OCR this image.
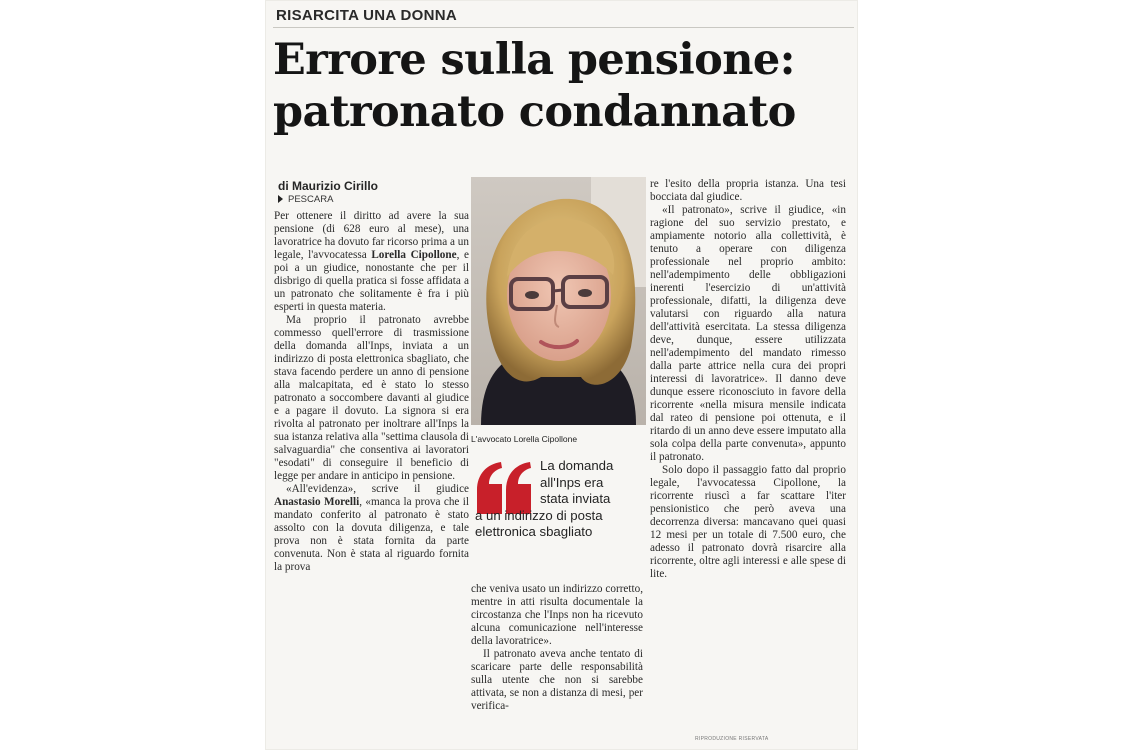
RISARCITA UNA DONNA
Errore sulla pensione:
patronato condannato
di Maurizio Cirillo
PESCARA

Per ottenere il diritto ad avere la sua pensione (di 628 euro al mese), una lavoratrice ha dovuto far ricorso prima a un legale, l'avvocatessa Lorella Cipollone, e poi a un giudice, nonostante che per il disbrigo di quella pratica si fosse affidata a un patronato che solitamente è fra i più esperti in questa materia.

Ma proprio il patronato avrebbe commesso quell'errore di trasmissione della domanda all'Inps, inviata a un indirizzo di posta elettronica sbagliato, che stava facendo perdere un anno di pensione alla malcapitata, ed è stato lo stesso patronato a soccombere davanti al giudice e a pagare il dovuto. La signora si era rivolta al patronato per inoltrare all'Inps la sua istanza relativa alla "settima clausola di salvaguardia" che consentiva ai lavoratori "esodati" di conseguire il beneficio di legge per andare in anticipo in pensione.

«All'evidenza», scrive il giudice Anastasio Morelli, «manca la prova che il mandato conferito al patronato è stato assolto con la dovuta diligenza, e tale prova non è stata fornita da parte convenuta. Non è stata al riguardo fornita la prova

L'avvocato Lorella Cipollone
La domanda
all'Inps era
stata inviata
a un indirizzo di posta
elettronica sbagliato

che veniva usato un indirizzo corretto, mentre in atti risulta documentale la circostanza che l'Inps non ha ricevuto alcuna comunicazione nell'interesse della lavoratrice».

Il patronato aveva anche tentato di scaricare parte delle responsabilità sulla utente che non si sarebbe attivata, se non a distanza di mesi, per verifica-

re l'esito della propria istanza. Una tesi bocciata dal giudice.

«Il patronato», scrive il giudice, «in ragione del suo servizio prestato, e ampiamente notorio alla collettività, è tenuto a operare con diligenza professionale nel proprio ambito: nell'adempimento delle obbligazioni inerenti l'esercizio di un'attività professionale, difatti, la diligenza deve valutarsi con riguardo alla natura dell'attività esercitata. La stessa diligenza deve, dunque, essere utilizzata nell'adempimento del mandato rimesso dalla parte attrice nella cura dei propri interessi di lavoratrice». Il danno deve dunque essere riconosciuto in favore della ricorrente «nella misura mensile indicata dal rateo di pensione poi ottenuta, e il ritardo di un anno deve essere imputato alla sola colpa della parte convenuta», appunto il patronato.

Solo dopo il passaggio fatto dal proprio legale, l'avvocatessa Cipollone, la ricorrente riuscì a far scattare l'iter pensionistico che però aveva una decorrenza diversa: mancavano quei quasi 12 mesi per un totale di 7.500 euro, che adesso il patronato dovrà risarcire alla ricorrente, oltre agli interessi e alle spese di lite.

RIPRODUZIONE RISERVATA
